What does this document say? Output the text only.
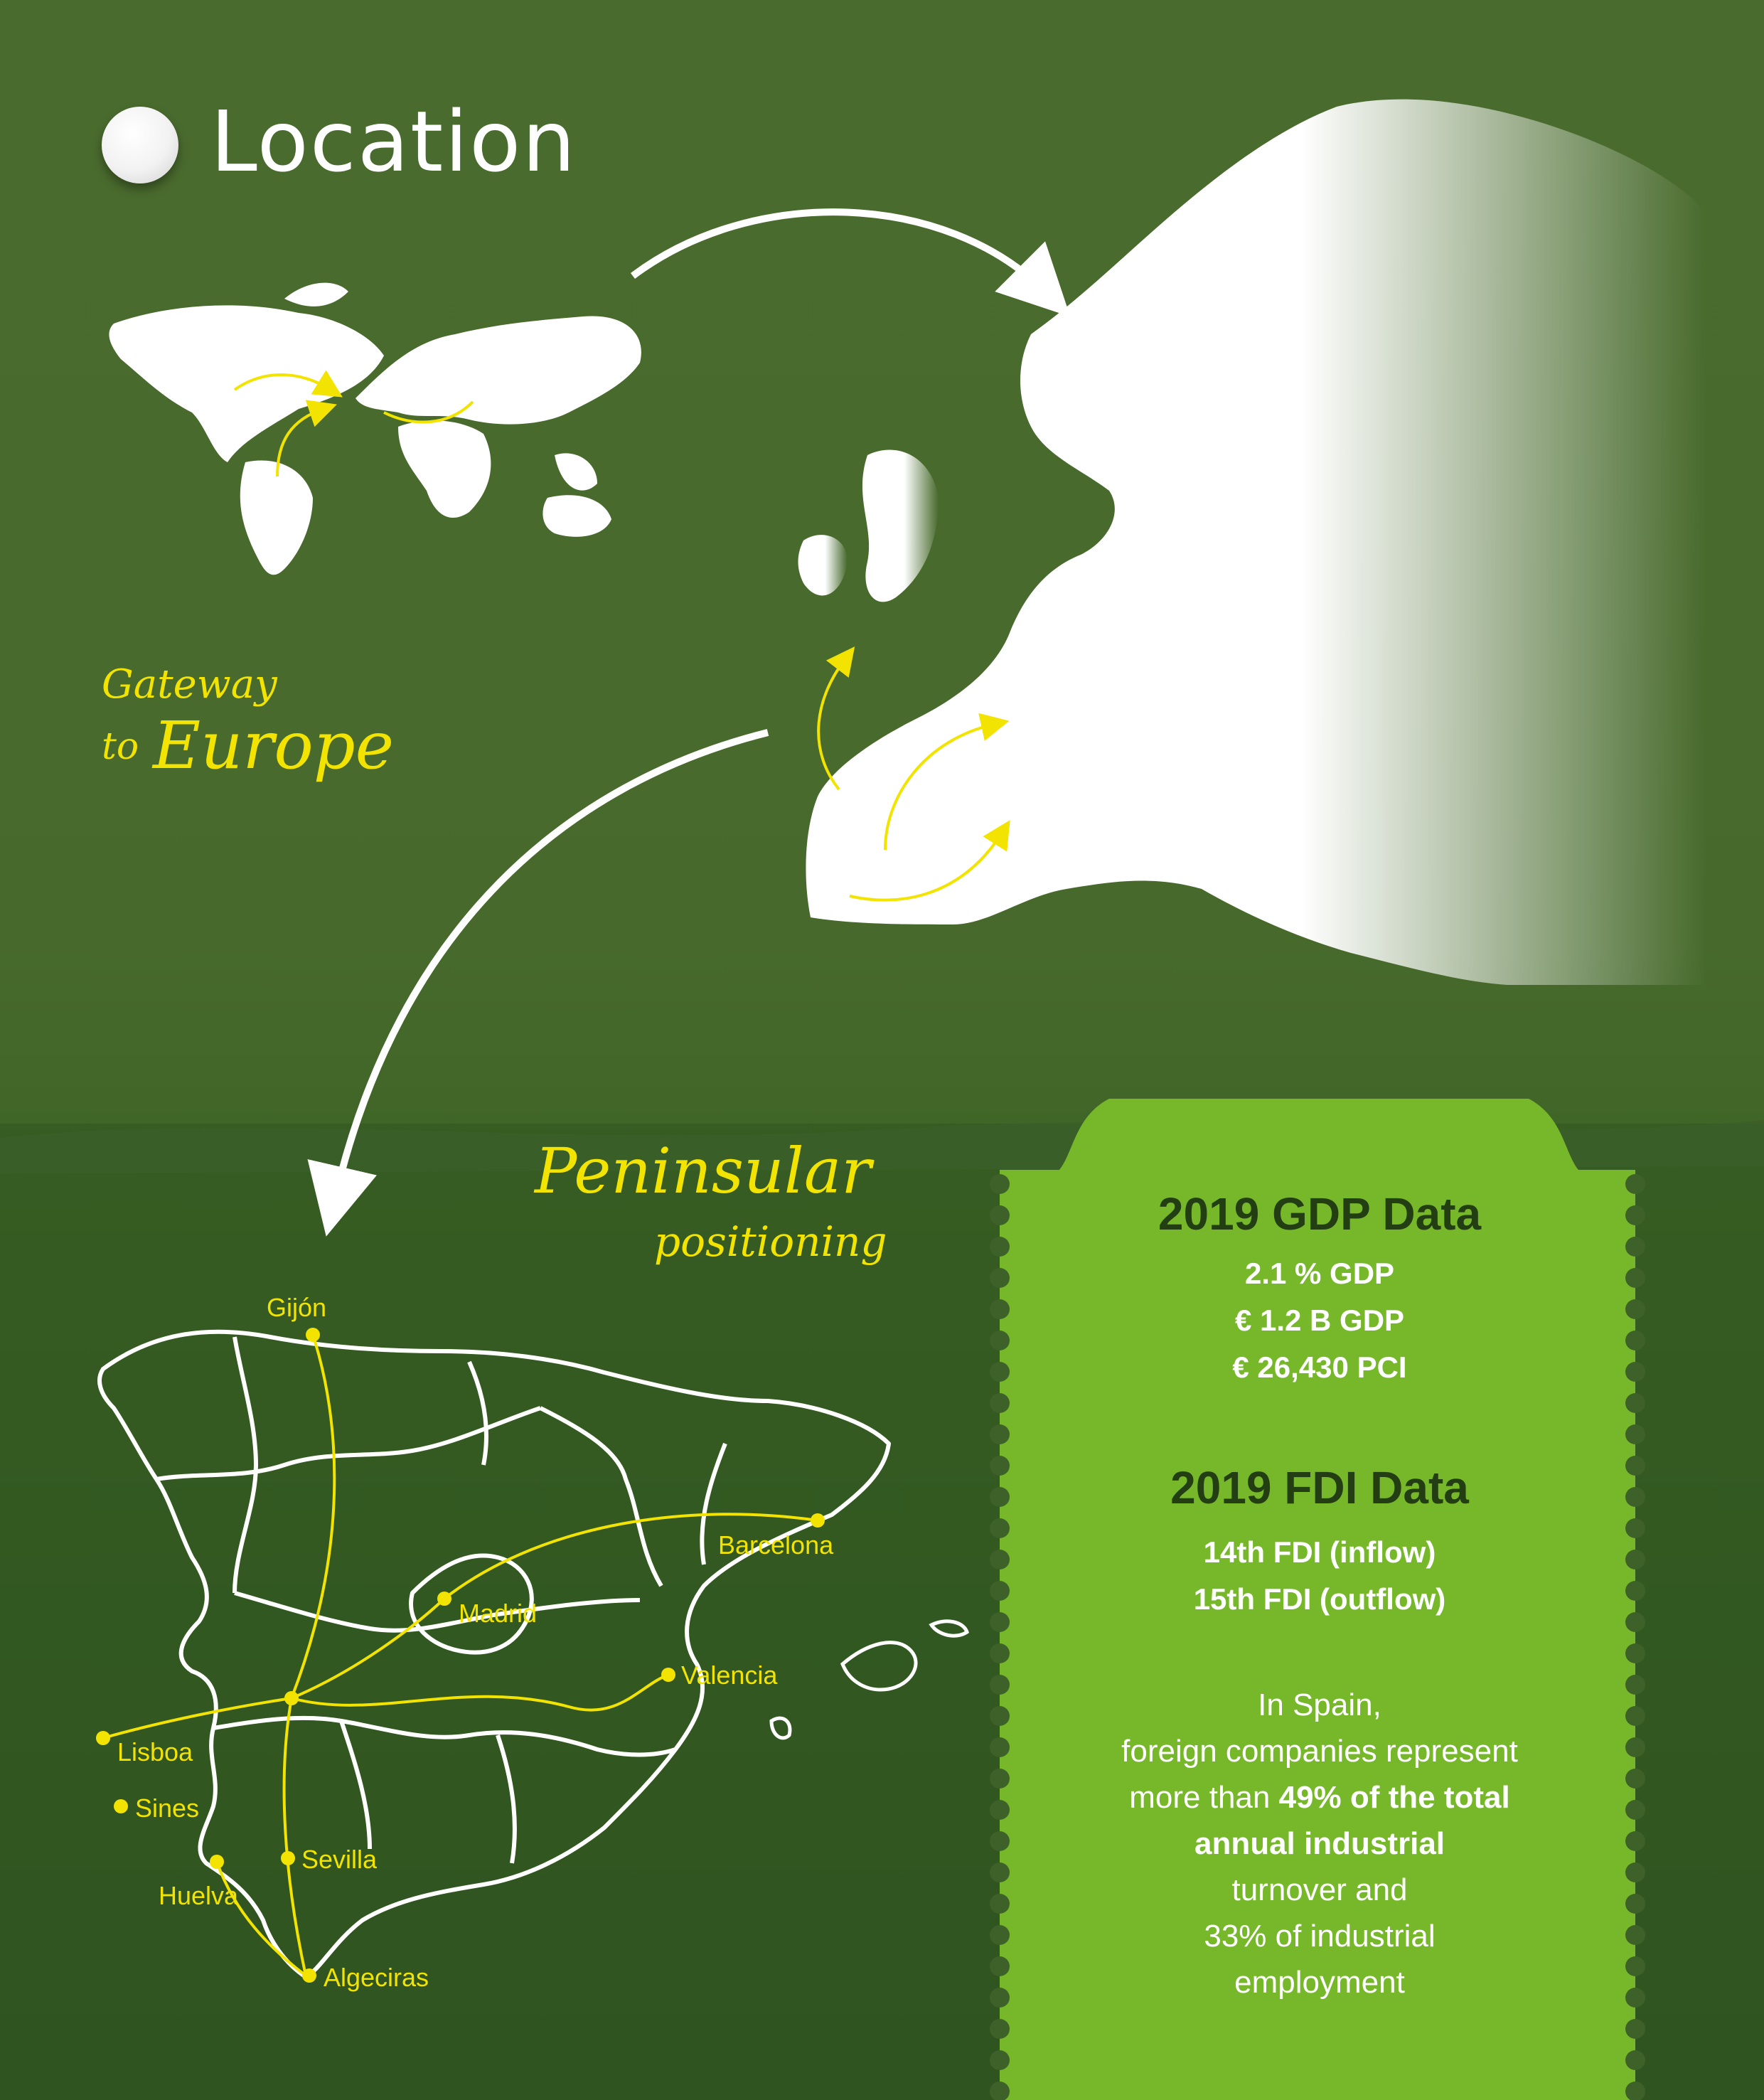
Location
Gateway
to Europe
Peninsular
positioning
Gijón
Barcelona
Madrid
Valencia
Lisboa
Sines
Sevilla
Huelva
Algeciras
2019 GDP Data
2.1 % GDP
€ 1.2 B GDP
€ 26,430 PCI
2019 FDI Data
14th FDI (inflow)
15th FDI (outflow)
In Spain,
foreign companies represent
more than 49% of the total
annual industrial
turnover and
33% of industrial
employment
